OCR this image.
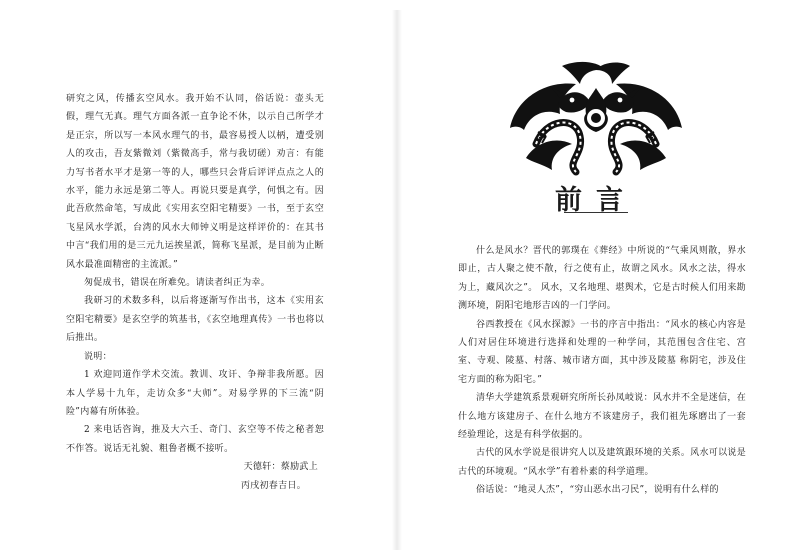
研究之风，传播玄空风水。我开始不认同，俗话说：壶头无假，理气无真。理气方面各派一直争论不休，以示自己所学才是正宗，所以写一本风水理气的书，最容易授人以柄，遭受别人的攻击，吾友紫微刘（紫微高手，常与我切磋）劝言：有能力写书者水平才是第一等的人，哪些只会背后评评点点之人的水平，能力永远是第二等人。再说只要是真学，何惧之有。因此吾欣然命笔，写成此《实用玄空阳宅精要》一书，至于玄空飞星风水学派，台湾的风水大师钟义明是这样评价的：在其书中言“我们用的是三元九运挨星派，简称飞星派，是目前为止断风水最准面精密的主流派。”

匆促成书，错误在所难免。请读者纠正为幸。

我研习的术数多科，以后将逐渐写作出书，这本《实用玄空阳宅精要》是玄空学的筑基书，《玄空地理真传》一书也将以后推出。

说明：

1 欢迎同道作学术交流。教训、攻讦、争辩非我所愿。因本人学易十九年，走访众多“大师”。对易学界的下三流“阴险”内幕有所体验。

2 来电话咨询，推及大六壬、奇门、玄空等不传之秘者恕不作答。说话无礼貌、粗鲁者概不接听。

天德轩：蔡励武上

丙戌初春吉日。

前言

什么是风水？晋代的郭璞在《葬经》中所说的“气乘风则散，界水即止，古人聚之使不散，行之使有止，故谓之风水。风水之法，得水为上，藏风次之”。 风水，又名地理、堪舆术，它是古时候人们用来勘测环境，阴阳宅地形吉凶的一门学问。

谷西教授在《风水探源》一书的序言中指出：“风水的核心内容是人们对居住环境进行选择和处理的一种学问，其范围包含住宅、宫室、寺观、陵墓、村落、城市诸方面，其中涉及陵墓 称阴宅，涉及住宅方面的称为阳宅。”

清华大学建筑系景观研究所所长孙凤岐说：风水并不全是迷信，在什么地方该建房子、在什么地方不该建房子，我们祖先琢磨出了一套经验理论，这是有科学依据的。

古代的风水学说是很讲究人以及建筑跟环境的关系。风水可以说是古代的环境观。“风水学”有着朴素的科学道理。

俗话说：“地灵人杰”，“穷山恶水出刁民”，说明有什么样的
